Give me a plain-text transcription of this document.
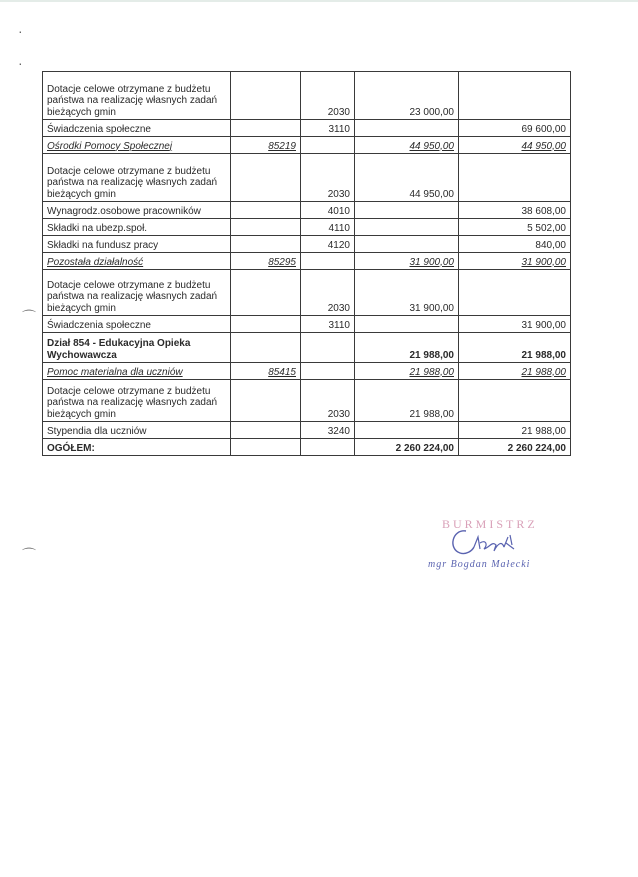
·
·
⌒
⌒
Dotacje celowe otrzymane z budżetu państwa na realizację własnych zadań bieżących gmin		2030	23 000,00	
Świadczenia społeczne		3110		69 600,00
Ośrodki Pomocy Społecznej	85219		44 950,00	44 950,00
Dotacje celowe otrzymane z budżetu państwa na realizację własnych zadań bieżących gmin		2030	44 950,00	
Wynagrodz.osobowe pracowników		4010		38 608,00
Składki na ubezp.społ.		4110		5 502,00
Składki na fundusz pracy		4120		840,00
Pozostała działalność	85295		31 900,00	31 900,00
Dotacje celowe otrzymane z budżetu państwa na realizację własnych zadań bieżących gmin		2030	31 900,00	
Świadczenia społeczne		3110		31 900,00
Dział 854 - Edukacyjna Opieka Wychowawcza			21 988,00	21 988,00
Pomoc materialna dla uczniów	85415		21 988,00	21 988,00
Dotacje celowe otrzymane z budżetu państwa na realizację własnych zadań bieżących gmin		2030	21 988,00	
Stypendia dla uczniów		3240		21 988,00
OGÓŁEM:			2 260 224,00	2 260 224,00
BURMISTRZ
mgr Bogdan Małecki
